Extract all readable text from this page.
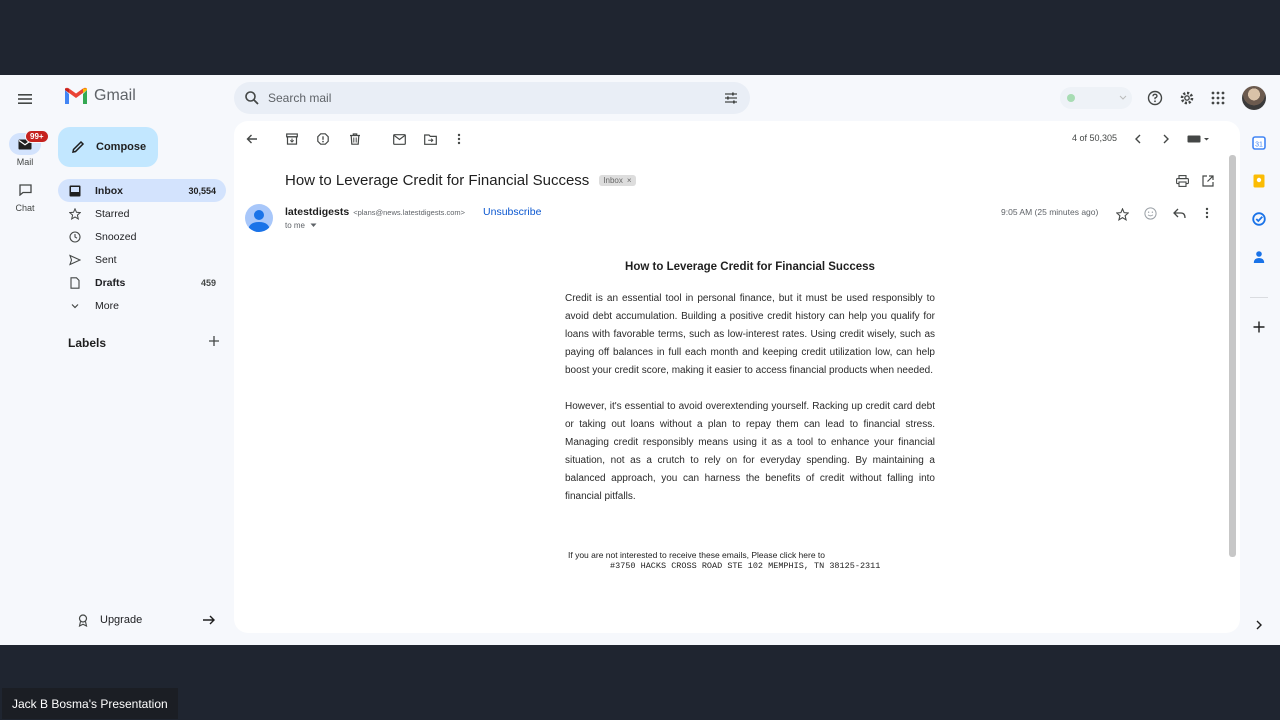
99+
Mail
Chat
Gmail
Compose
Inbox	30,554
Starred
Snoozed
Sent
Drafts	459
More
Labels
Upgrade
Search mail
31
4 of 50,305
How to Leverage Credit for Financial Success Inbox ×
latestdigests <plans@news.latestdigests.com> Unsubscribe
to me
9:05 AM (25 minutes ago)
How to Leverage Credit for Financial Success

Credit is an essential tool in personal finance, but it must be used responsibly to avoid debt accumulation. Building a positive credit history can help you qualify for loans with favorable terms, such as low-interest rates. Using credit wisely, such as paying off balances in full each month and keeping credit utilization low, can help boost your credit score, making it easier to access financial products when needed.

However, it's essential to avoid overextending yourself. Racking up credit card debt or taking out loans without a plan to repay them can lead to financial stress. Managing credit responsibly means using it as a tool to enhance your financial situation, not as a crutch to rely on for everyday spending. By maintaining a balanced approach, you can harness the benefits of credit without falling into financial pitfalls.

If you are not interested to receive these emails, Please click here to
#3750 HACKS CROSS ROAD STE 102 MEMPHIS, TN 38125-2311
Jack B Bosma's Presentation
